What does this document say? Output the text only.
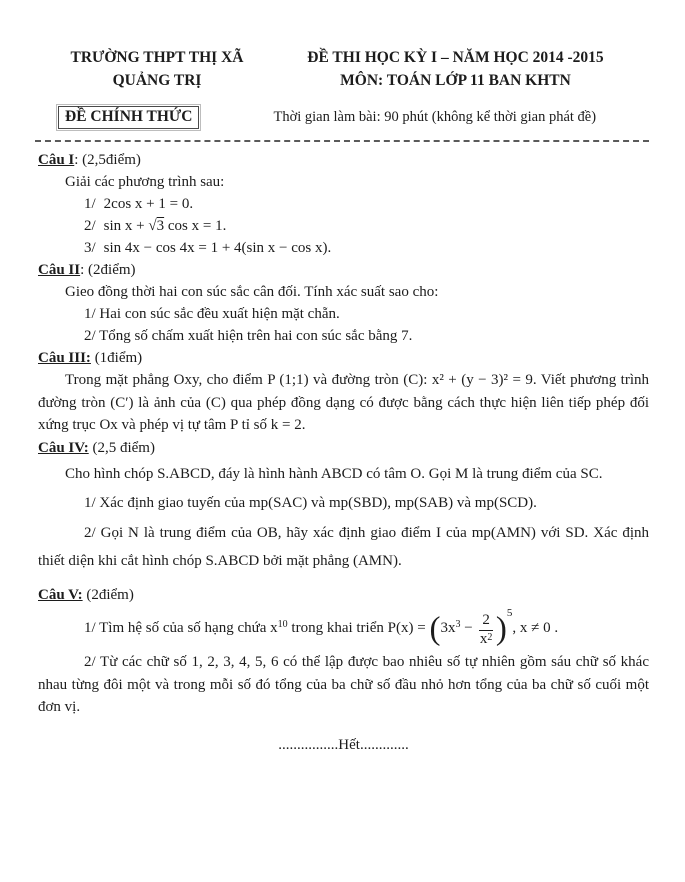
TRƯỜNG THPT THỊ XÃ
QUẢNG TRỊ
ĐỀ THI HỌC KỲ I – NĂM HỌC 2014 -2015
MÔN: TOÁN LỚP 11 BAN KHTN
ĐỀ CHÍNH THỨC	Thời gian làm bài: 90 phút (không kể thời gian phát đề)
Câu I: (2,5điểm)
Giải các phương trình sau:
1/ 2cos x + 1 = 0.
2/ sin x + √3 cos x = 1.
3/ sin 4x − cos 4x = 1 + 4(sin x − cos x).
Câu II: (2điểm)
Gieo đồng thời hai con súc sắc cân đối. Tính xác suất sao cho:
1/ Hai con súc sắc đều xuất hiện mặt chẵn.
2/ Tổng số chấm xuất hiện trên hai con súc sắc bằng 7.
Câu III: (1điểm)

Trong mặt phẳng Oxy, cho điểm P (1;1) và đường tròn (C): x² + (y − 3)² = 9. Viết phương trình đường tròn (C′) là ảnh của (C) qua phép đồng dạng có được bằng cách thực hiện liên tiếp phép đối xứng trục Ox và phép vị tự tâm P tỉ số k = 2.

Câu IV: (2,5 điểm)
Cho hình chóp S.ABCD, đáy là hình hành ABCD có tâm O. Gọi M là trung điểm của SC.
1/ Xác định giao tuyến của mp(SAC) và mp(SBD), mp(SAB) và mp(SCD).

2/ Gọi N là trung điểm của OB, hãy xác định giao điểm I của mp(AMN) với SD. Xác định thiết diện khi cắt hình chóp S.ABCD bởi mặt phẳng (AMN).

Câu V: (2điểm)
1/ Tìm hệ số của số hạng chứa $x^{10}$ trong khai triển $P(x) = (3x^3 - \frac{2}{x^2} )^5$, x ≠ 0 .

2/ Từ các chữ số 1, 2, 3, 4, 5, 6 có thể lập được bao nhiêu số tự nhiên gồm sáu chữ số khác nhau từng đôi một và trong mỗi số đó tổng của ba chữ số đầu nhỏ hơn tổng của ba chữ số cuối một đơn vị.

................Hết.............
